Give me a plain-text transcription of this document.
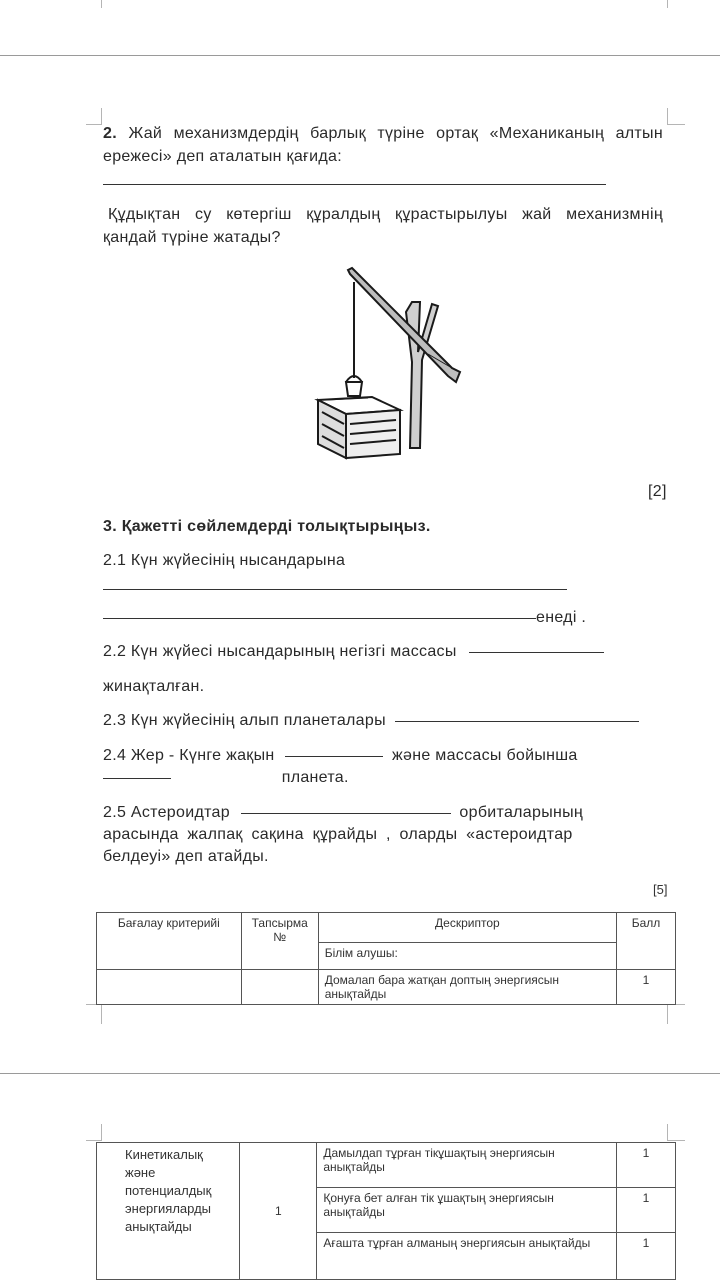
2. Жай механизмдердің барлық түріне ортақ «Механиканың алтын
ережесі» деп аталатын қағида:
Құдықтан су көтергіш құралдың құрастырылуы жай механизмнің
қандай түріне жатады?
[2]
3. Қажетті сөйлемдерді толықтырыңыз.
2.1 Күн жүйесінің нысандарына
енеді .
2.2 Күн жүйесі нысандарының негізгі массасы
жинақталған.
2.3 Күн жүйесінің алып планеталары
2.4 Жер - Күнге жақын	және массасы бойынша
планета.
2.5 Астероидтар	орбиталарының
арасында жалпақ сақина құрайды , оларды «астероидтар
белдеуі» деп атайды.
[5]
Бағалау критерийі	Тапсырма №	Дескриптор	Балл
		Білім алушы:	
		Домалап бара жатқан доптың энергиясын анықтайды	1
Кинетикалық және потенциалдық энергияларды анықтайды	1	Дамылдап тұрған тікұшақтың энергиясын анықтайды	1
		Қонуға бет алған тік ұшақтың энергиясын анықтайды	1
		Ағашта тұрған алманың энергиясын анықтайды	1
